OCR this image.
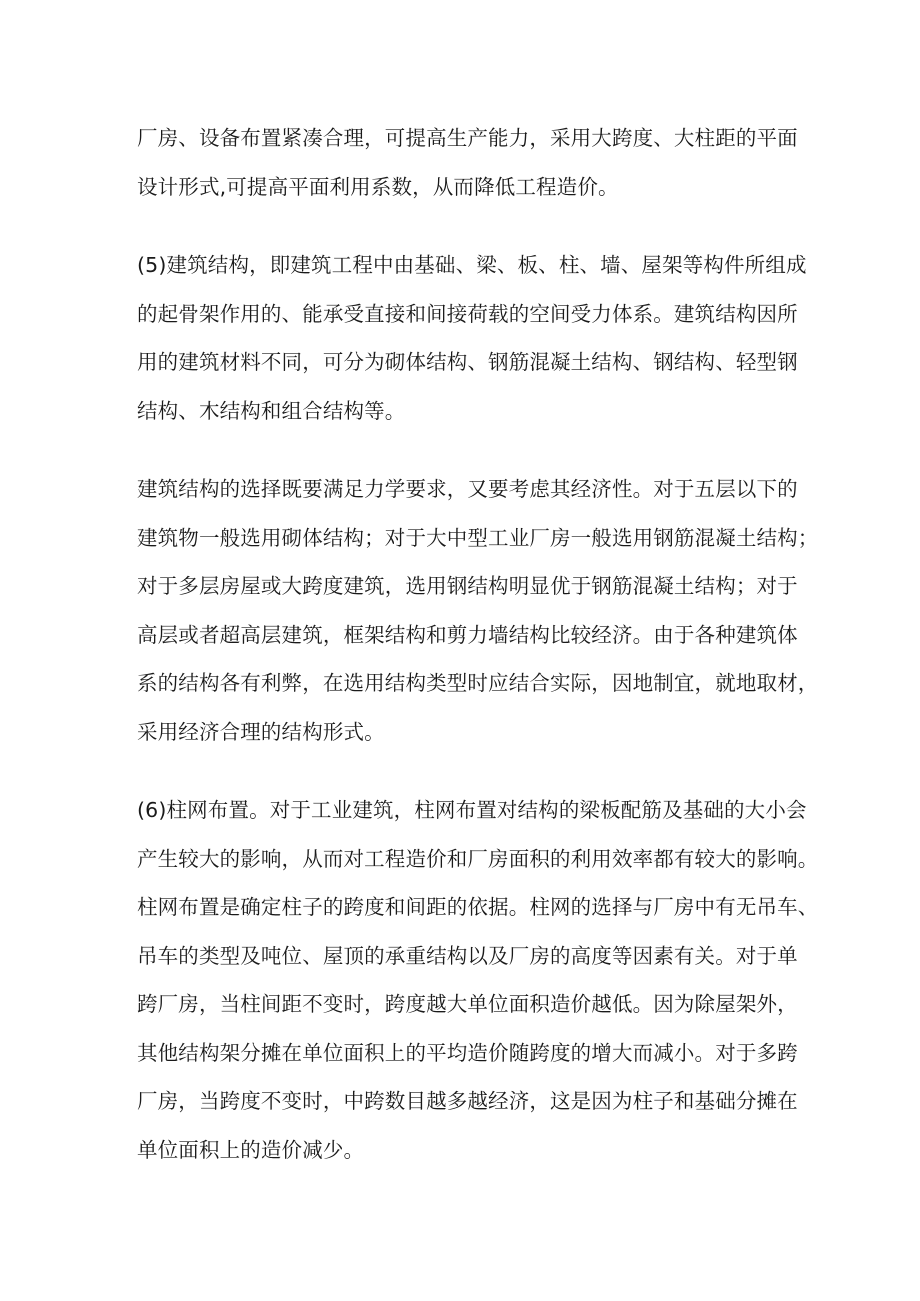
厂房、设备布置紧凑合理，可提高生产能力，采用大跨度、大柱距的平面
设计形式,可提高平面利用系数，从而降低工程造价。

(5)建筑结构，即建筑工程中由基础、梁、板、柱、墙、屋架等构件所组成
的起骨架作用的、能承受直接和间接荷载的空间受力体系。建筑结构因所
用的建筑材料不同，可分为砌体结构、钢筋混凝土结构、钢结构、轻型钢
结构、木结构和组合结构等。

建筑结构的选择既要满足力学要求，又要考虑其经济性。对于五层以下的
建筑物一般选用砌体结构；对于大中型工业厂房一般选用钢筋混凝土结构；
对于多层房屋或大跨度建筑，选用钢结构明显优于钢筋混凝土结构；对于
高层或者超高层建筑，框架结构和剪力墙结构比较经济。由于各种建筑体
系的结构各有利弊，在选用结构类型时应结合实际，因地制宜，就地取材，
采用经济合理的结构形式。

(6)柱网布置。对于工业建筑，柱网布置对结构的梁板配筋及基础的大小会
产生较大的影响，从而对工程造价和厂房面积的利用效率都有较大的影响。
柱网布置是确定柱子的跨度和间距的依据。柱网的选择与厂房中有无吊车、
吊车的类型及吨位、屋顶的承重结构以及厂房的高度等因素有关。对于单
跨厂房，当柱间距不变时，跨度越大单位面积造价越低。因为除屋架外，
其他结构架分摊在单位面积上的平均造价随跨度的增大而减小。对于多跨
厂房，当跨度不变时，中跨数目越多越经济，这是因为柱子和基础分摊在
单位面积上的造价减少。
